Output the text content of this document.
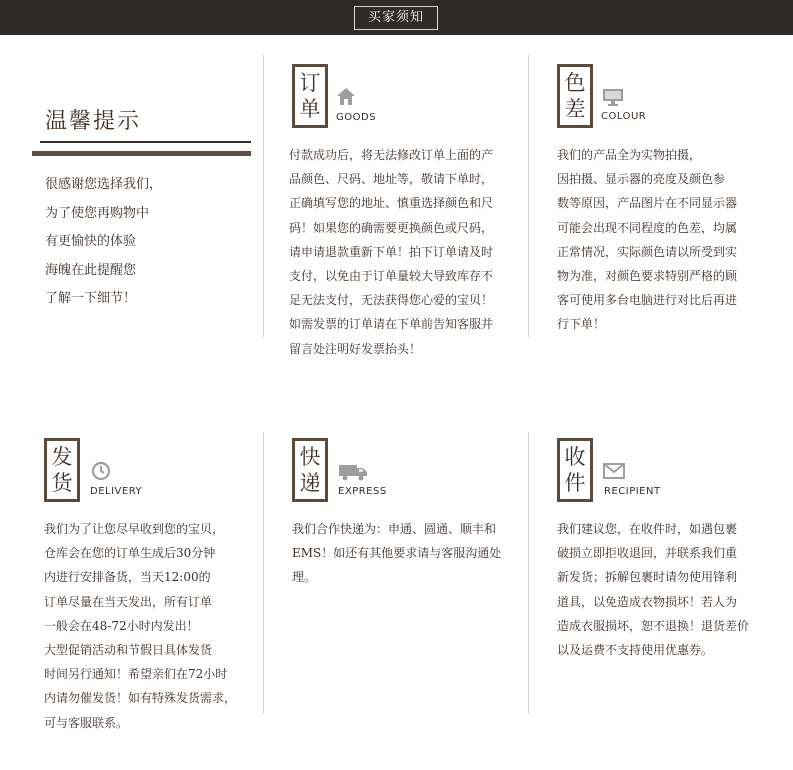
买家须知
温馨提示
很感谢您选择我们，
为了使您再购物中
有更愉快的体验
海魄在此提醒您
了解一下细节！
订
单 GOODS
付款成功后，将无法修改订单上面的产
品颜色、尺码、地址等，敬请下单时，
正确填写您的地址、慎重选择颜色和尺
码！如果您的确需要更换颜色或尺码，
请申请退款重新下单！拍下订单请及时
支付，以免由于订单量较大导致库存不
足无法支付，无法获得您心爱的宝贝！
如需发票的订单请在下单前告知客服并
留言处注明好发票抬头！
色
差 COLOUR
我们的产品全为实物拍摄，
因拍摄、显示器的亮度及颜色参
数等原因，产品图片在不同显示器
可能会出现不同程度的色差，均属
正常情况，实际颜色请以所受到实
物为准，对颜色要求特别严格的顾
客可使用多台电脑进行对比后再进
行下单！
发
货 DELIVERY
我们为了让您尽早收到您的宝贝，
仓库会在您的订单生成后30分钟
内进行安排备货，当天12:00的
订单尽量在当天发出，所有订单
一般会在48-72小时内发出！
大型促销活动和节假日具体发货
时间另行通知！希望亲们在72小时
内请勿催发货！如有特殊发货需求，
可与客服联系。
快
递 EXPRESS
我们合作快递为：申通、圆通、顺丰和
EMS！如还有其他要求请与客服沟通处
理。
收
件 RECIPIENT
我们建议您，在收件时，如遇包裹
破损立即拒收退回，并联系我们重
新发货；拆解包裹时请勿使用锋利
道具，以免造成衣物损坏！若人为
造成衣服损坏，恕不退换！退货差价
以及运费不支持使用优惠券。
